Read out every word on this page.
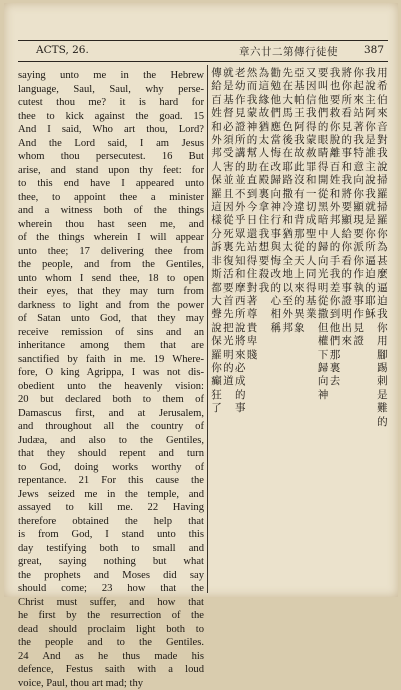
ACTS, 26.	章六廿二第傳行徒使 387
saying unto me in the Hebrew
language, Saul, Saul, why perse-
cutest thou me? it is hard for
thee to kick against the goad. 15
And I said, Who art thou, Lord?
And the Lord said, I am Jesus
whom thou persecutest. 16 But
arise, and stand upon thy feet: for
to this end have I appeared unto
thee, to appoint thee a minister
and a witness both of the things
wherein thou hast seen me, and
of the things wherein I will appear
unto thee; 17 delivering thee from
the people, and from the Gentiles,
unto whom I send thee, 18 to open
their eyes, that they may turn from
darkness to light and from the power
of Satan unto God, that they may
receive remission of sins and an
inheritance among them that are
sanctified by faith in me. 19 Where-
fore, O king Agrippa, I was not dis-
obedient unto the heavenly vision:
20 but declared both to them of
Damascus first, and at Jerusalem,
and throughout all the country of
Judæa, and also to the Gentiles,
that they should repent and turn
to God, doing works worthy of
repentance. 21 For this cause the
Jews seized me in the temple, and
assayed to kill me. 22 Having
therefore obtained the help that
is from God, I stand unto this
day testifying both to small and
great, saying nothing but what
the prophets and Moses did say
should come; 23 how that the
Christ must suffer, and how that
he first by the resurrection of the
dead should proclaim light both to
the people and to the Gentiles.
24 And as he thus made his
defence, Festus saith with a loud
voice, Paul, thou art mad; thy
用希伯來音對我說掃羅掃羅你為甚麼逼迫我你用腳踢刺是難的
我說主阿你是誰主說我就是你所逼迫的耶穌
你起來站著我特意向你顯現要派你作執事作見證
將你所看見的事和我將要顯給你看的事證明出來
我也要救你脫離百姓和外邦人的手我差你到他們那裏去
要叫他們的眼睛得開從黑暗中歸向光明從撒但權下歸向神
又因信我得蒙赦罪和一切成聖的人同得基業
亞基帕王阿我故此沒有違背那從天上來的異象
先在大馬色後在耶路撒冷和猶太全地以至外邦
勸勉他們應當悔改歸向神行事與悔改的心相稱
為這緣故猶太人在殿裏拿住我想要殺我
然而我蒙神的幫助直到今日還站得住對著尊貴卑賤
老幼作見證所講的並不外乎眾先知和摩西所說將來必成的事
就是基督必須受害並且因從死裏復活要首先把光明的道
傳給百姓和外邦人保羅這樣分訴非斯都大聲說保羅你癲狂了
